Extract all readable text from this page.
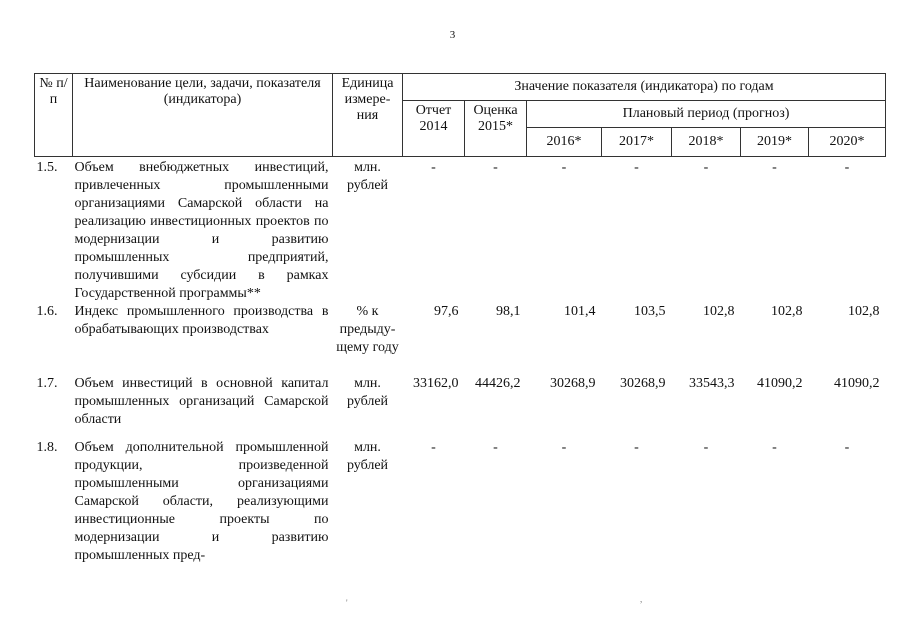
3
№ п/п	Наименование цели, задачи, показателя (индикатора)	Единица измере-ния	Значение показателя (индикатора) по годам						
			Отчет 2014	Оценка 2015*	Плановый период (прогноз)				
					2016*	2017*	2018*	2019*	2020*
1.5.	Объем внебюджетных инвестиций, привлеченных промышленными организациями Самарской области на реализацию инвестиционных проектов по модернизации и развитию промышленных предприятий, получившими субсидии в рамках Государственной программы**	млн. рублей	-	-	-	-	-	-	-
1.6.	Индекс промышленного производства в обрабатывающих производствах	% к предыду-щему году	97,6	98,1	101,4	103,5	102,8	102,8	102,8
1.7.	Объем инвестиций в основной капитал промышленных организаций Самарской области	млн. рублей	33162,0	44426,2	30268,9	30268,9	33543,3	41090,2	41090,2
1.8.	Объем дополнительной промышленной продукции, произведенной промышленными организациями Самарской области, реализующими инвестиционные проекты по модернизации и развитию промышленных пред-	млн. рублей	-	-	-	-	-	-	-
'	,
